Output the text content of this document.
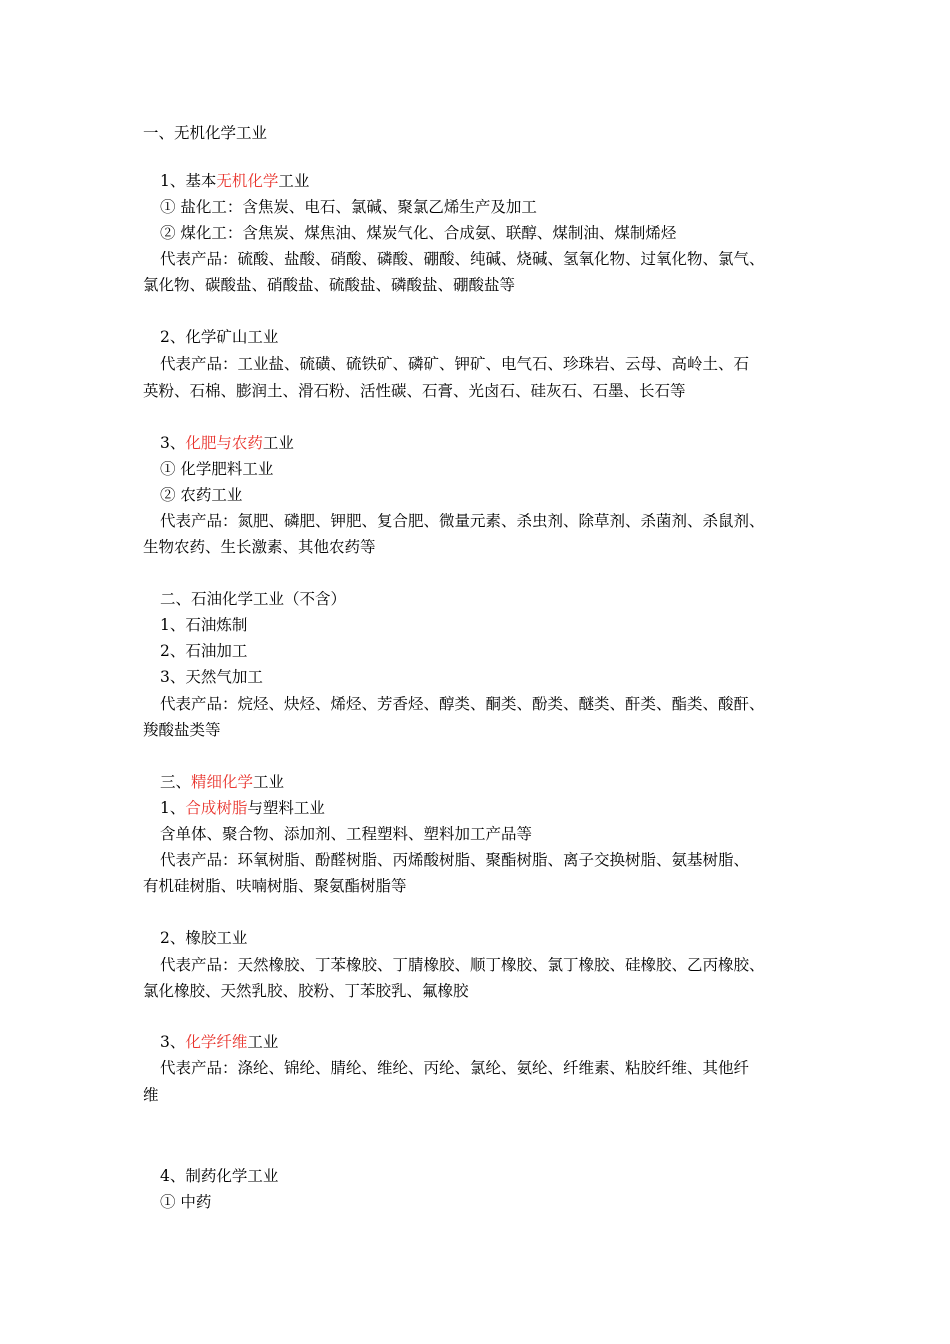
一、无机化学工业

1、基本无机化学工业

① 盐化工：含焦炭、电石、氯碱、聚氯乙烯生产及加工

② 煤化工：含焦炭、煤焦油、煤炭气化、合成氨、联醇、煤制油、煤制烯烃

代表产品：硫酸、盐酸、硝酸、磷酸、硼酸、纯碱、烧碱、氢氧化物、过氧化物、氯气、

氯化物、碳酸盐、硝酸盐、硫酸盐、磷酸盐、硼酸盐等

2、化学矿山工业

代表产品：工业盐、硫磺、硫铁矿、磷矿、钾矿、电气石、珍珠岩、云母、高岭土、石

英粉、石棉、膨润土、滑石粉、活性碳、石膏、光卤石、硅灰石、石墨、长石等

3、化肥与农药工业

① 化学肥料工业

② 农药工业

代表产品：氮肥、磷肥、钾肥、复合肥、微量元素、杀虫剂、除草剂、杀菌剂、杀鼠剂、

生物农药、生长激素、其他农药等

二、石油化学工业（不含）

1、石油炼制

2、石油加工

3、天然气加工

代表产品：烷烃、炔烃、烯烃、芳香烃、醇类、酮类、酚类、醚类、酐类、酯类、酸酐、

羧酸盐类等

三、精细化学工业

1、合成树脂与塑料工业

含单体、聚合物、添加剂、工程塑料、塑料加工产品等

代表产品：环氧树脂、酚醛树脂、丙烯酸树脂、聚酯树脂、离子交换树脂、氨基树脂、

有机硅树脂、呋喃树脂、聚氨酯树脂等

2、橡胶工业

代表产品：天然橡胶、丁苯橡胶、丁腈橡胶、顺丁橡胶、氯丁橡胶、硅橡胶、乙丙橡胶、

氯化橡胶、天然乳胶、胶粉、丁苯胶乳、氟橡胶

3、化学纤维工业

代表产品：涤纶、锦纶、腈纶、维纶、丙纶、氯纶、氨纶、纤维素、粘胶纤维、其他纤

维

4、制药化学工业

① 中药
